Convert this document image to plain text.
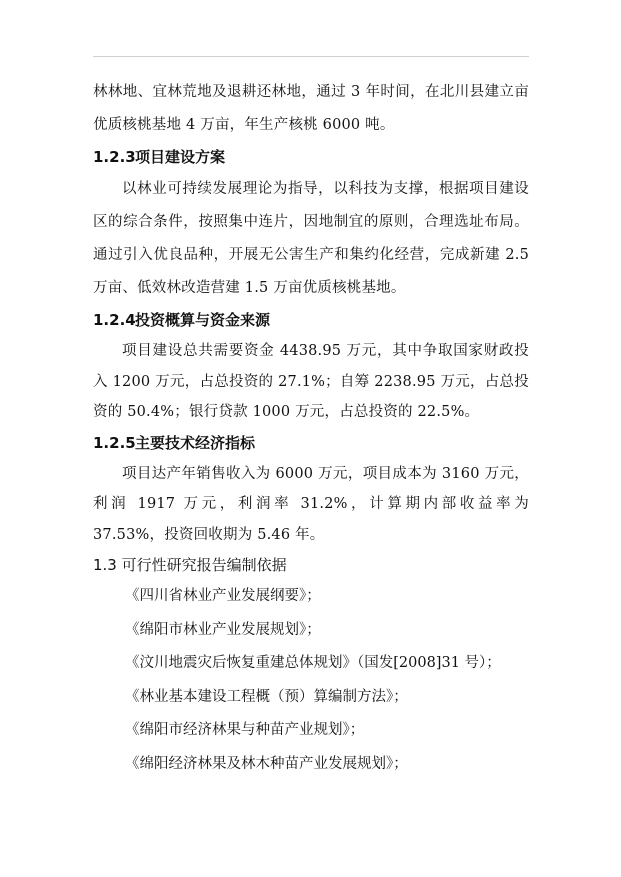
林林地、宜林荒地及退耕还林地，通过 3 年时间，在北川县建立亩优质核桃基地 4 万亩，年生产核桃 6000 吨。

1.2.3项目建设方案

以林业可持续发展理论为指导，以科技为支撑，根据项目建设区的综合条件，按照集中连片，因地制宜的原则，合理选址布局。通过引入优良品种，开展无公害生产和集约化经营，完成新建 2.5 万亩、低效林改造营建 1.5 万亩优质核桃基地。

1.2.4投资概算与资金来源

项目建设总共需要资金 4438.95 万元，其中争取国家财政投入 1200 万元，占总投资的 27.1%；自筹 2238.95 万元，占总投资的 50.4%；银行贷款 1000 万元，占总投资的 22.5%。

1.2.5主要技术经济指标

项目达产年销售收入为 6000 万元，项目成本为 3160 万元，利润 1917 万元，利润率 31.2%，计算期内部收益率为 37.53%，投资回收期为 5.46 年。

1.3 可行性研究报告编制依据

《四川省林业产业发展纲要》；

《绵阳市林业产业发展规划》；

《汶川地震灾后恢复重建总体规划》（国发[2008]31 号）；

《林业基本建设工程概（预）算编制方法》；

《绵阳市经济林果与种苗产业规划》；

《绵阳经济林果及林木种苗产业发展规划》；
